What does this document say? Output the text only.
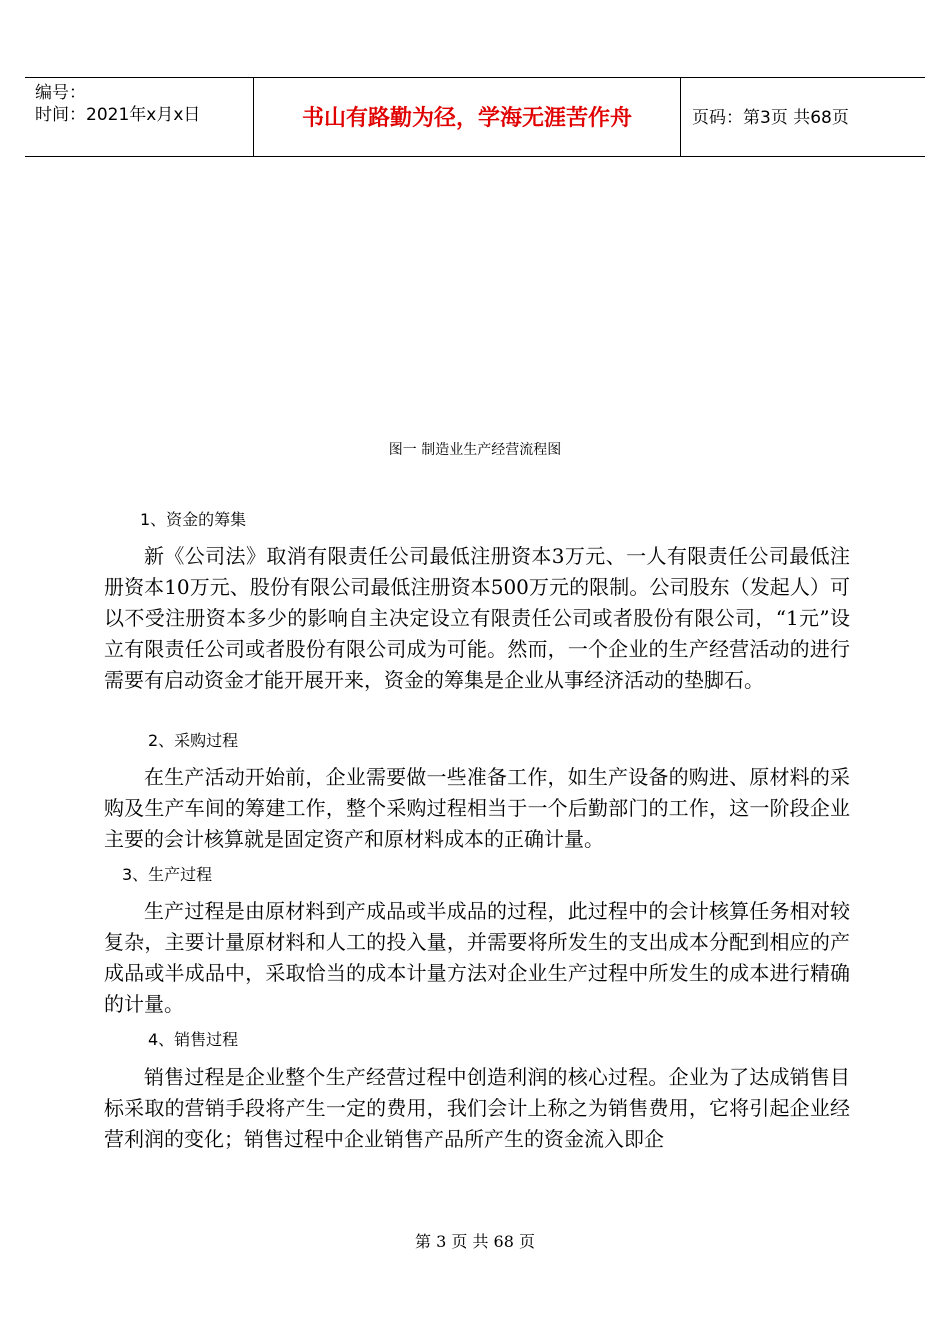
编号：
时间：2021年x月x日	书山有路勤为径，学海无涯苦作舟	页码：第3页 共68页
图一 制造业生产经营流程图
1、资金的筹集

新《公司法》取消有限责任公司最低注册资本3万元、一人有限责任公司最低注册资本10万元、股份有限公司最低注册资本500万元的限制。公司股东（发起人）可以不受注册资本多少的影响自主决定设立有限责任公司或者股份有限公司，“1元”设立有限责任公司或者股份有限公司成为可能。然而，一个企业的生产经营活动的进行需要有启动资金才能开展开来，资金的筹集是企业从事经济活动的垫脚石。

2、采购过程

在生产活动开始前，企业需要做一些准备工作，如生产设备的购进、原材料的采购及生产车间的筹建工作，整个采购过程相当于一个后勤部门的工作，这一阶段企业主要的会计核算就是固定资产和原材料成本的正确计量。

3、生产过程

生产过程是由原材料到产成品或半成品的过程，此过程中的会计核算任务相对较复杂，主要计量原材料和人工的投入量，并需要将所发生的支出成本分配到相应的产成品或半成品中，采取恰当的成本计量方法对企业生产过程中所发生的成本进行精确的计量。

4、销售过程

销售过程是企业整个生产经营过程中创造利润的核心过程。企业为了达成销售目标采取的营销手段将产生一定的费用，我们会计上称之为销售费用，它将引起企业经营利润的变化；销售过程中企业销售产品所产生的资金流入即企

第 3 页 共 68 页
